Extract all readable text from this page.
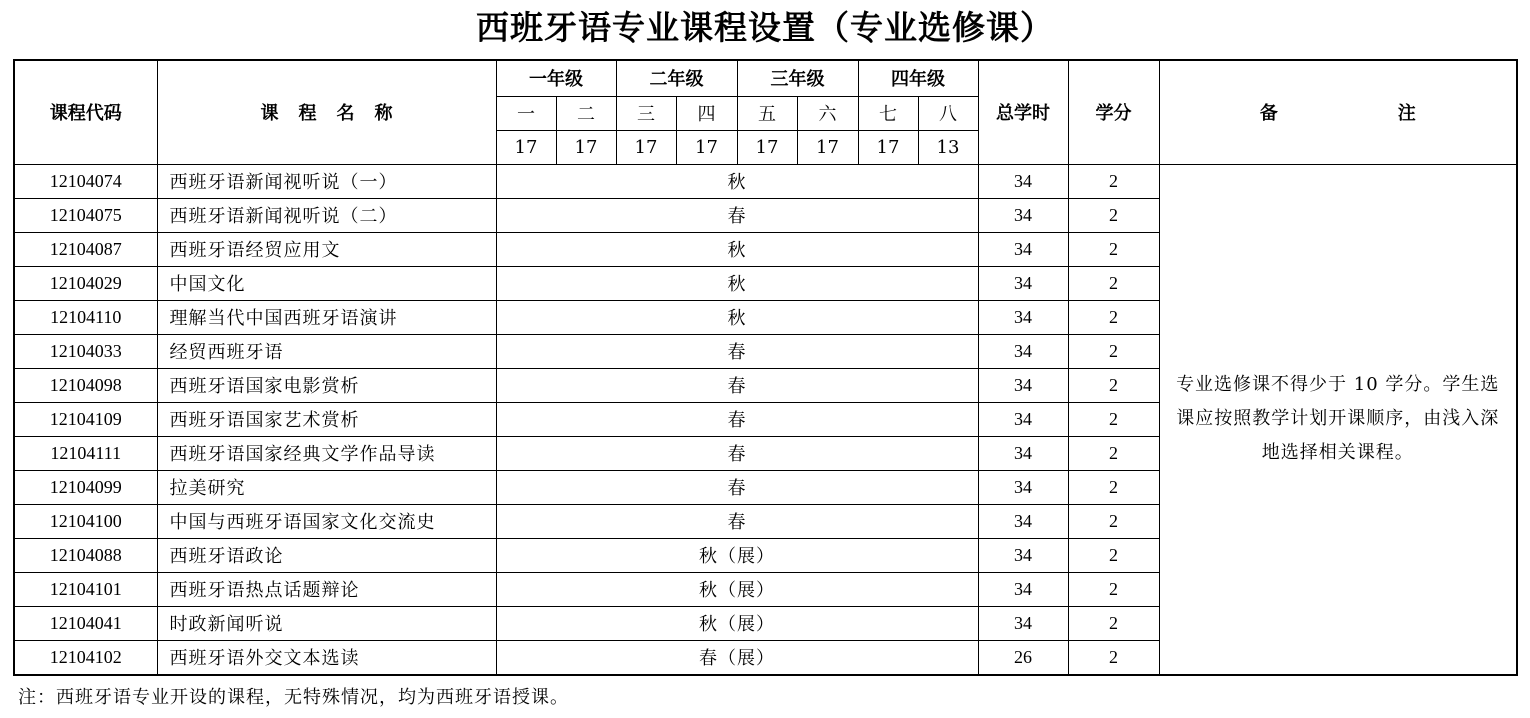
西班牙语专业课程设置（专业选修课）
课程代码	课程名称	一年级		二年级		三年级		四年级		总学时	学分	备 注
		一	二	三	四	五	六	七	八			
		17	17	17	17	17	17	17	13			
12104074	西班牙语新闻视听说（一）	秋								34	2	专业选修课不得少于 10 学分。学生选课应按照教学计划开课顺序，由浅入深地选择相关课程。
12104075	西班牙语新闻视听说（二）	春								34	2	
12104087	西班牙语经贸应用文	秋								34	2	
12104029	中国文化	秋								34	2	
12104110	理解当代中国西班牙语演讲	秋								34	2	
12104033	经贸西班牙语	春								34	2	
12104098	西班牙语国家电影赏析	春								34	2	
12104109	西班牙语国家艺术赏析	春								34	2	
12104111	西班牙语国家经典文学作品导读	春								34	2	
12104099	拉美研究	春								34	2	
12104100	中国与西班牙语国家文化交流史	春								34	2	
12104088	西班牙语政论	秋（展）								34	2	
12104101	西班牙语热点话题辩论	秋（展）								34	2	
12104041	时政新闻听说	秋（展）								34	2	
12104102	西班牙语外交文本选读	春（展）								26	2	
注：西班牙语专业开设的课程，无特殊情况，均为西班牙语授课。
